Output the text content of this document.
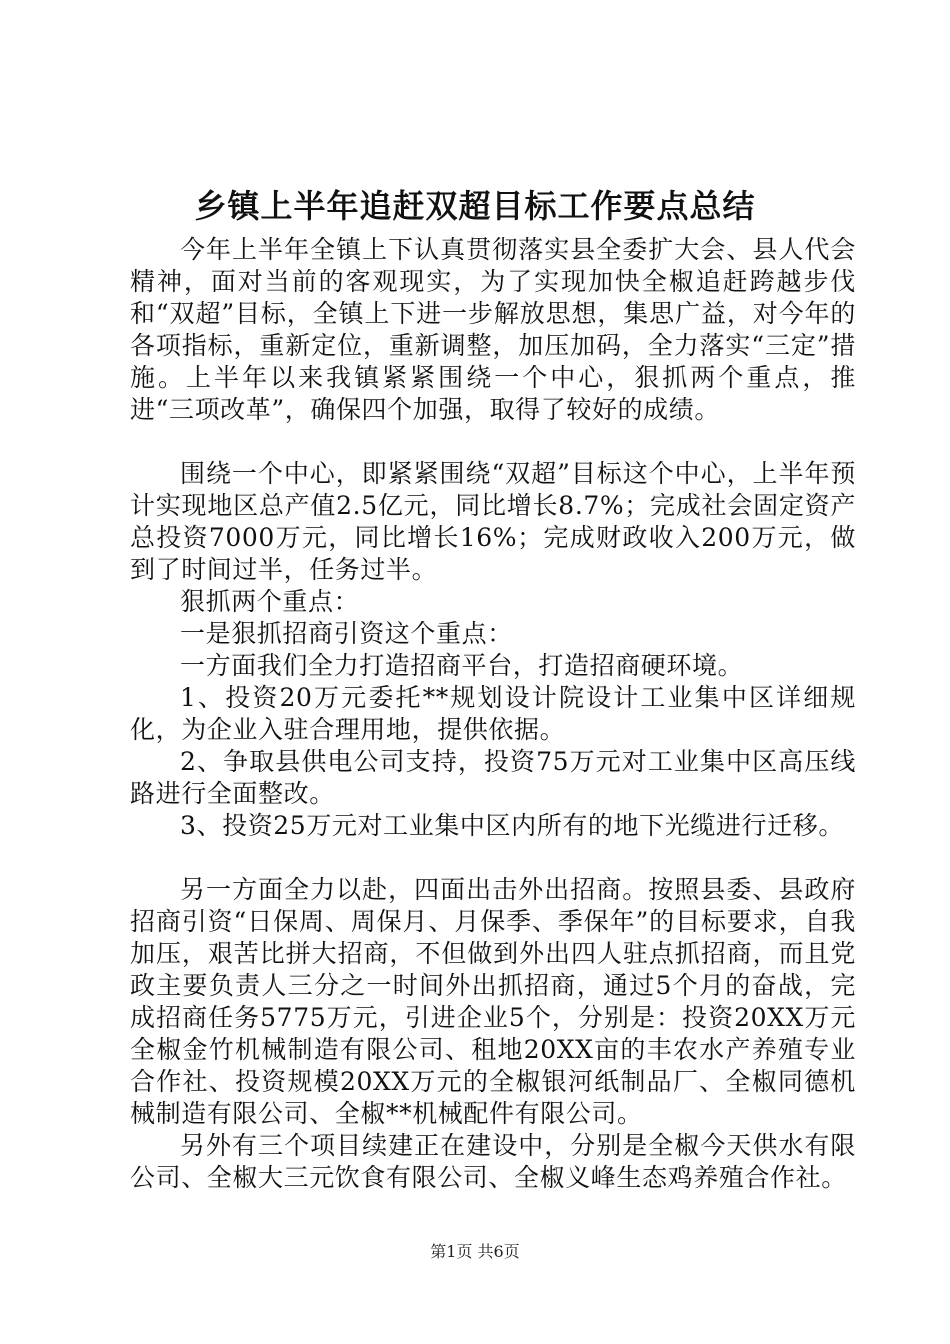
乡镇上半年追赶双超目标工作要点总结

今年上半年全镇上下认真贯彻落实县全委扩大会、县人代会精神，面对当前的客观现实，为了实现加快全椒追赶跨越步伐和“双超”目标，全镇上下进一步解放思想，集思广益，对今年的各项指标，重新定位，重新调整，加压加码，全力落实“三定”措施。上半年以来我镇紧紧围绕一个中心，狠抓两个重点，推进“三项改革”，确保四个加强，取得了较好的成绩。

围绕一个中心，即紧紧围绕“双超”目标这个中心，上半年预计实现地区总产值2.5亿元，同比增长8.7%；完成社会固定资产总投资7000万元，同比增长16%；完成财政收入200万元，做到了时间过半，任务过半。

狠抓两个重点：

一是狠抓招商引资这个重点：

一方面我们全力打造招商平台，打造招商硬环境。

1、投资20万元委托**规划设计院设计工业集中区详细规化，为企业入驻合理用地，提供依据。

2、争取县供电公司支持，投资75万元对工业集中区高压线路进行全面整改。

3、投资25万元对工业集中区内所有的地下光缆进行迁移。

另一方面全力以赴，四面出击外出招商。按照县委、县政府招商引资“日保周、周保月、月保季、季保年”的目标要求，自我加压，艰苦比拼大招商，不但做到外出四人驻点抓招商，而且党政主要负责人三分之一时间外出抓招商，通过5个月的奋战，完成招商任务5775万元，引进企业5个，分别是：投资20XX万元全椒金竹机械制造有限公司、租地20XX亩的丰农水产养殖专业合作社、投资规模20XX万元的全椒银河纸制品厂、全椒同德机械制造有限公司、全椒**机械配件有限公司。

另外有三个项目续建正在建设中，分别是全椒今天供水有限公司、全椒大三元饮食有限公司、全椒义峰生态鸡养殖合作社。

第1页 共6页
